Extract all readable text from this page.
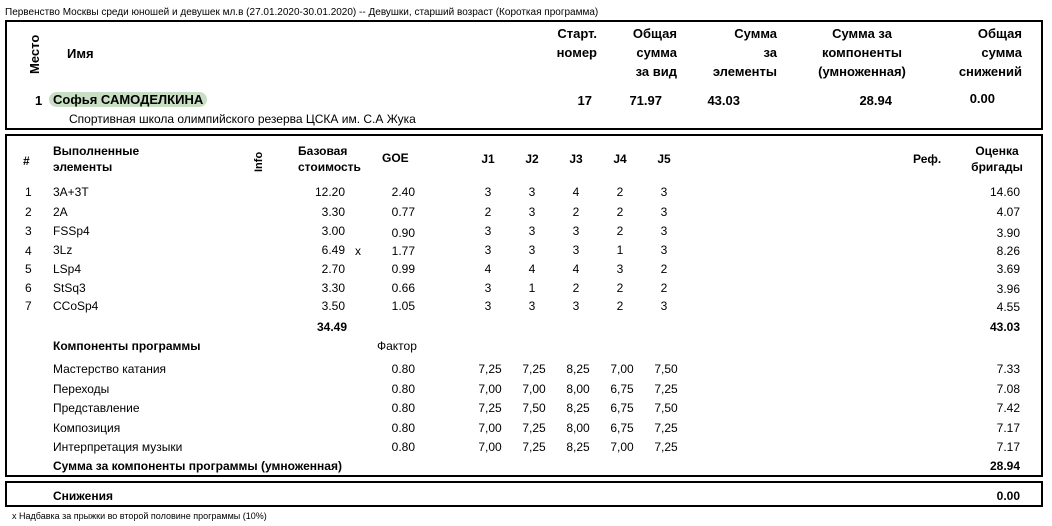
Первенство Москвы среди юношей и девушек мл.в (27.01.2020-30.01.2020) -- Девушки, старший возраст (Короткая программа)
Место Имя
Старт.
номер
Общая
сумма
за вид
Сумма
за
элементы
Сумма за
компоненты
(умноженная)
Общая
сумма
снижений
1 Софья САМОДЕЛКИНА
Спортивная школа олимпийского резерва ЦСКА им. С.А Жука
17	71.97	43.03	28.94	0.00
#
Выполненные
элементы	Info
Базовая
стоимость
GOE	J1	J2	J3	J4	J5	Реф.
Оценка
бригады
1 3A+3T	12.20	2.40	3	3	4	2	3	14.60
2 2A	3.30	0.77	2	3	2	2	3	4.07
3 FSSp4	3.00	0.90	3	3	3	2	3	3.90
4 3Lz	6.49 x	1.77	3	3	3	1	3	8.26
5 LSp4	2.70	0.99	4	4	4	3	2	3.69
6 StSq3	3.30	0.66	3	1	2	2	2	3.96
7 CCoSp4	3.50	1.05	3	3	3	2	3	4.55
34.49	43.03
Компоненты программы	Фактор
Мастерство катания	0.80	7,25	7,25	8,25	7,00	7,50	7.33
Переходы	0.80	7,00	7,00	8,00	6,75	7,25	7.08
Представление	0.80	7,25	7,50	8,25	6,75	7,50	7.42
Композиция	0.80	7,00	7,25	8,00	6,75	7,25	7.17
Интерпретация музыки	0.80	7,00	7,25	8,25	7,00	7,25	7.17
Сумма за компоненты программы (умноженная)	28.94
Снижения	0.00
x Надбавка за прыжки во второй половине программы (10%)
